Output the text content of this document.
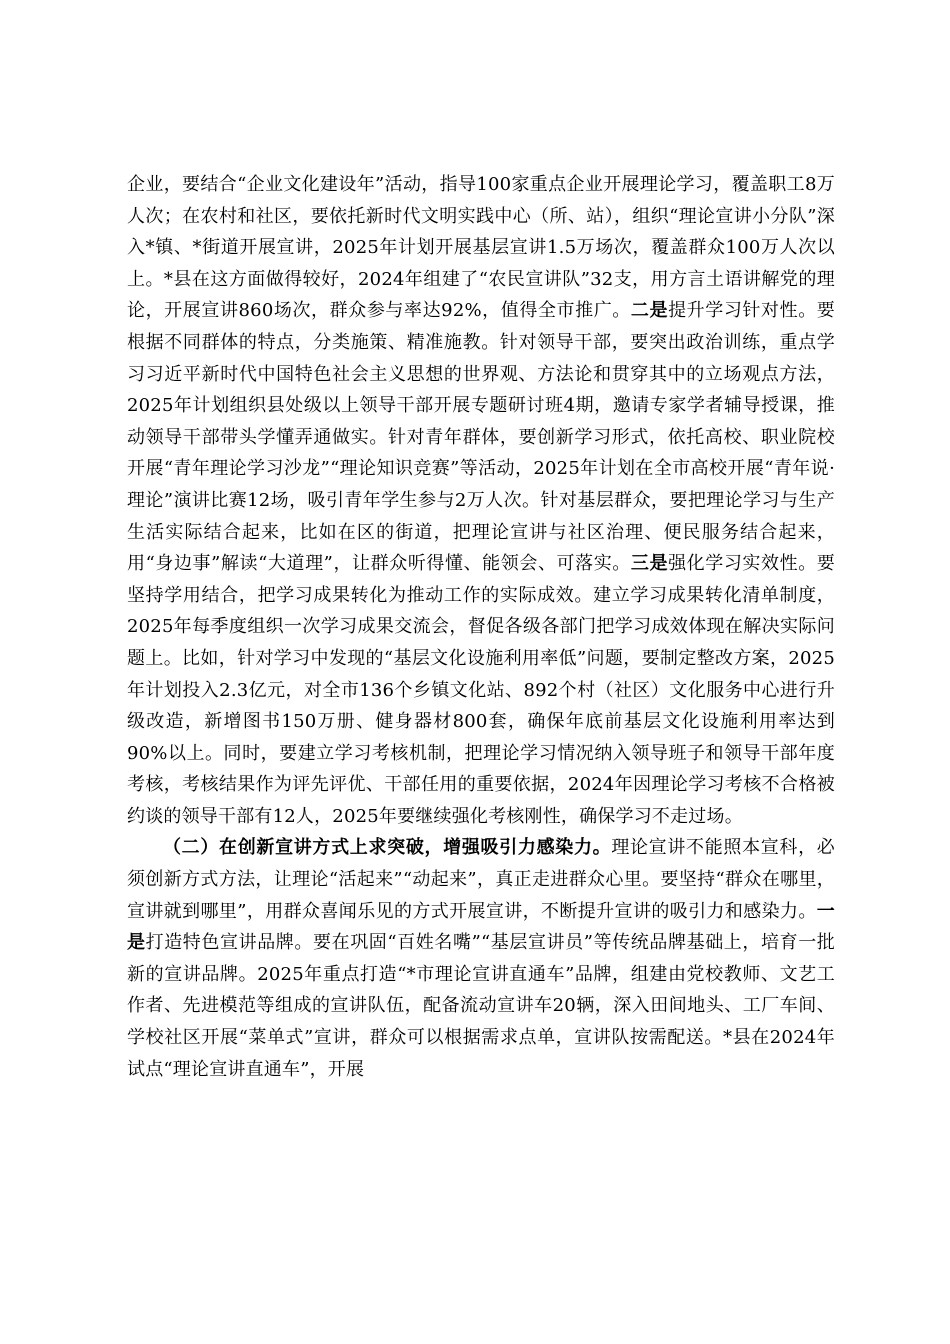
企业，要结合“企业文化建设年”活动，指导100家重点企业开展理论学习，覆盖职工8万人次；在农村和社区，要依托新时代文明实践中心（所、站），组织“理论宣讲小分队”深入*镇、*街道开展宣讲，2025年计划开展基层宣讲1.5万场次，覆盖群众100万人次以上。*县在这方面做得较好，2024年组建了“农民宣讲队”32支，用方言土语讲解党的理论，开展宣讲860场次，群众参与率达92%，值得全市推广。二是提升学习针对性。要根据不同群体的特点，分类施策、精准施教。针对领导干部，要突出政治训练，重点学习习近平新时代中国特色社会主义思想的世界观、方法论和贯穿其中的立场观点方法，2025年计划组织县处级以上领导干部开展专题研讨班4期，邀请专家学者辅导授课，推动领导干部带头学懂弄通做实。针对青年群体，要创新学习形式，依托高校、职业院校开展“青年理论学习沙龙”“理论知识竞赛”等活动，2025年计划在全市高校开展“青年说·理论”演讲比赛12场，吸引青年学生参与2万人次。针对基层群众，要把理论学习与生产生活实际结合起来，比如在区的街道，把理论宣讲与社区治理、便民服务结合起来，用“身边事”解读“大道理”，让群众听得懂、能领会、可落实。三是强化学习实效性。要坚持学用结合，把学习成果转化为推动工作的实际成效。建立学习成果转化清单制度，2025年每季度组织一次学习成果交流会，督促各级各部门把学习成效体现在解决实际问题上。比如，针对学习中发现的“基层文化设施利用率低”问题，要制定整改方案，2025年计划投入2.3亿元，对全市136个乡镇文化站、892个村（社区）文化服务中心进行升级改造，新增图书150万册、健身器材800套，确保年底前基层文化设施利用率达到90%以上。同时，要建立学习考核机制，把理论学习情况纳入领导班子和领导干部年度考核，考核结果作为评先评优、干部任用的重要依据，2024年因理论学习考核不合格被约谈的领导干部有12人，2025年要继续强化考核刚性，确保学习不走过场。

（二）在创新宣讲方式上求突破，增强吸引力感染力。理论宣讲不能照本宣科，必须创新方式方法，让理论“活起来”“动起来”，真正走进群众心里。要坚持“群众在哪里，宣讲就到哪里”，用群众喜闻乐见的方式开展宣讲，不断提升宣讲的吸引力和感染力。一是打造特色宣讲品牌。要在巩固“百姓名嘴”“基层宣讲员”等传统品牌基础上，培育一批新的宣讲品牌。2025年重点打造“*市理论宣讲直通车”品牌，组建由党校教师、文艺工作者、先进模范等组成的宣讲队伍，配备流动宣讲车20辆，深入田间地头、工厂车间、学校社区开展“菜单式”宣讲，群众可以根据需求点单，宣讲队按需配送。*县在2024年试点“理论宣讲直通车”，开展
